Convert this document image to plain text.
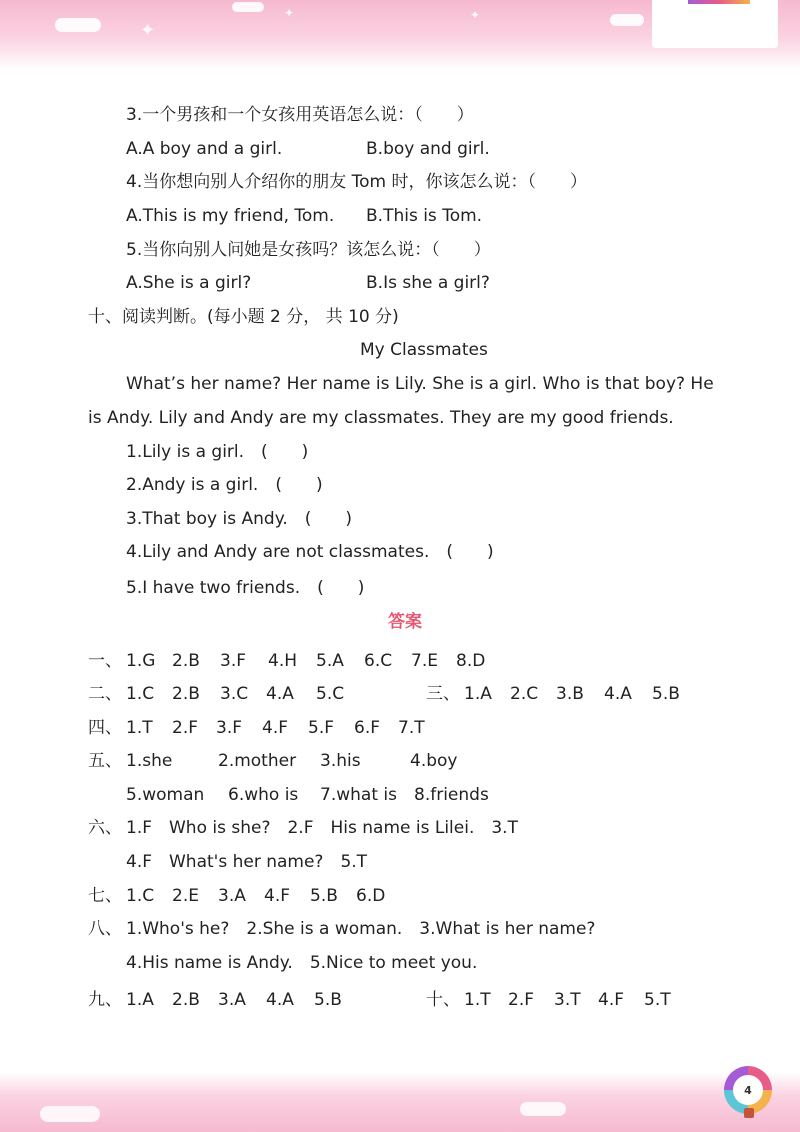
✦
✦	✦
3.一个男孩和一个女孩用英语怎么说：（　　）
A.A boy and a girl.	B.boy and girl.
4.当你想向别人介绍你的朋友 Tom 时，你该怎么说：（　　）
A.This is my friend, Tom. B.This is Tom.
5.当你向别人问她是女孩吗？该怎么说：（　　）
A.She is a girl?	B.Is she a girl?
十、阅读判断。(每小题 2 分， 共 10 分)
My Classmates
What’s her name? Her name is Lily. She is a girl. Who is that boy? He
is Andy. Lily and Andy are my classmates. They are my good friends.
1.Lily is a girl.　(　　)
2.Andy is a girl.　(　　)
3.That boy is Andy.　(　　)
4.Lily and Andy are not classmates.　(　　)
5.I have two friends.　(　　)
答案
一、 1.G 2.B 3.F 4.H 5.A 6.C 7.E 8.D
二、 1.C 2.B 3.C 4.A 5.C	三、 1.A 2.C 3.B 4.A 5.B
四、 1.T 2.F 3.F 4.F 5.F 6.F 7.T
五、 1.she	2.mother 3.his	4.boy
5.woman 6.who is 7.what is 8.friends
六、 1.F　Who is she?　2.F　His name is Lilei.　3.T
4.F　What's her name?　5.T
七、 1.C 2.E 3.A 4.F 5.B 6.D
八、 1.Who's he?　2.She is a woman.　3.What is her name?
4.His name is Andy.　5.Nice to meet you.
九、 1.A 2.B 3.A 4.A 5.B	十、 1.T 2.F 3.T 4.F 5.T
4
